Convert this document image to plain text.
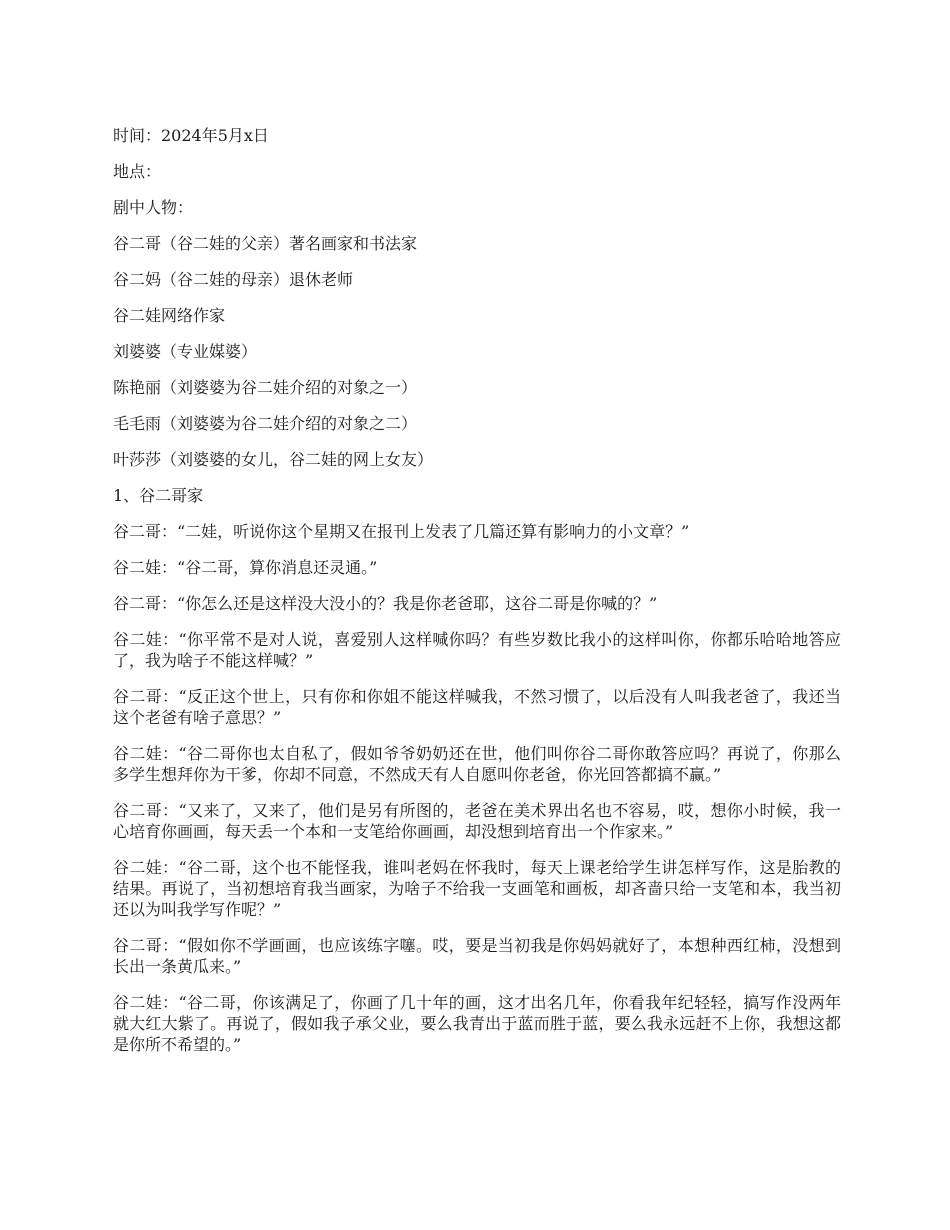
时间：2024年5月x日
地点：
剧中人物：
谷二哥（谷二娃的父亲）著名画家和书法家
谷二妈（谷二娃的母亲）退休老师
谷二娃网络作家
刘婆婆（专业媒婆）
陈艳丽（刘婆婆为谷二娃介绍的对象之一）
毛毛雨（刘婆婆为谷二娃介绍的对象之二）
叶莎莎（刘婆婆的女儿，谷二娃的网上女友）
1、谷二哥家
谷二哥：“二娃，听说你这个星期又在报刊上发表了几篇还算有影响力的小文章？”
谷二娃：“谷二哥，算你消息还灵通。”
谷二哥：“你怎么还是这样没大没小的？我是你老爸耶，这谷二哥是你喊的？”
谷二娃：“你平常不是对人说，喜爱别人这样喊你吗？有些岁数比我小的这样叫你，你都乐哈哈地答应了，我为啥子不能这样喊？”
谷二哥：“反正这个世上，只有你和你姐不能这样喊我，不然习惯了，以后没有人叫我老爸了，我还当这个老爸有啥子意思？”
谷二娃：“谷二哥你也太自私了，假如爷爷奶奶还在世，他们叫你谷二哥你敢答应吗？再说了，你那么多学生想拜你为干爹，你却不同意，不然成天有人自愿叫你老爸，你光回答都搞不赢。”
谷二哥：“又来了，又来了，他们是另有所图的，老爸在美术界出名也不容易，哎，想你小时候，我一心培育你画画，每天丢一个本和一支笔给你画画，却没想到培育出一个作家来。”
谷二娃：“谷二哥，这个也不能怪我，谁叫老妈在怀我时，每天上课老给学生讲怎样写作，这是胎教的结果。再说了，当初想培育我当画家，为啥子不给我一支画笔和画板，却吝啬只给一支笔和本，我当初还以为叫我学写作呢？”
谷二哥：“假如你不学画画，也应该练字噻。哎，要是当初我是你妈妈就好了，本想种西红柿，没想到长出一条黄瓜来。”
谷二娃：“谷二哥，你该满足了，你画了几十年的画，这才出名几年，你看我年纪轻轻，搞写作没两年就大红大紫了。再说了，假如我子承父业，要么我青出于蓝而胜于蓝，要么我永远赶不上你，我想这都是你所不希望的。”
